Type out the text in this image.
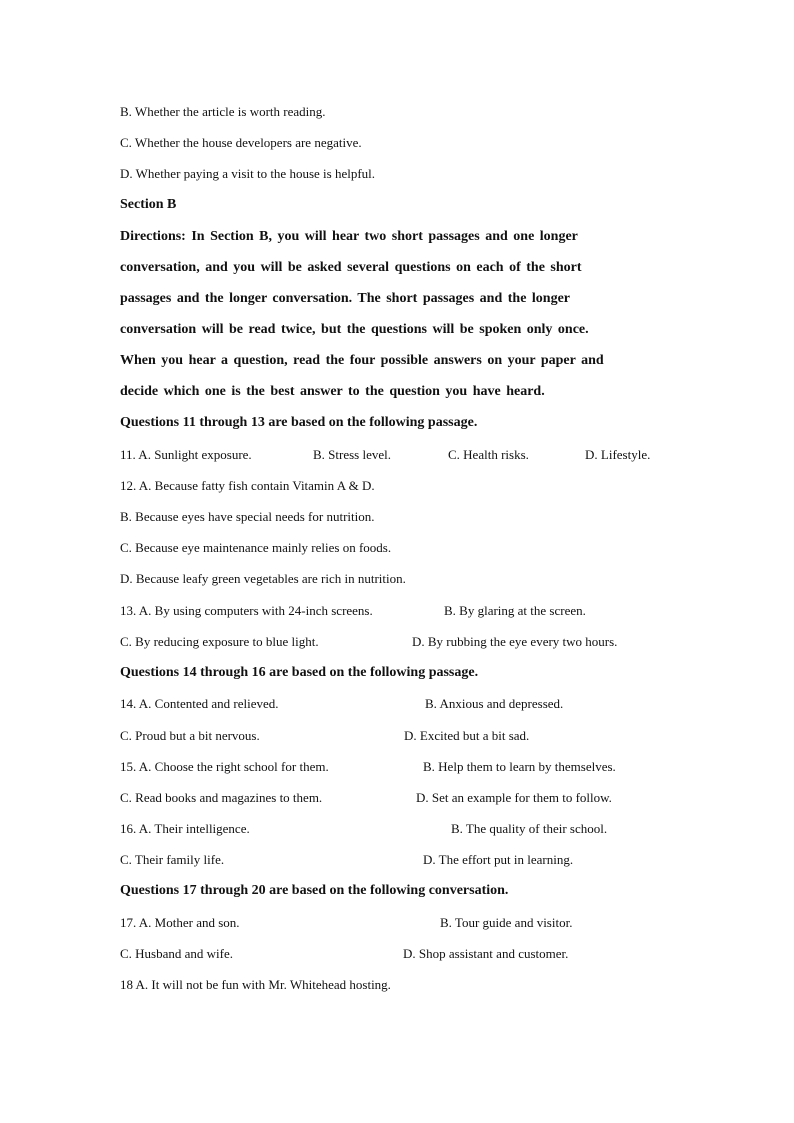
B. Whether the article is worth reading.
C. Whether the house developers are negative.
D. Whether paying a visit to the house is helpful.
Section B
Directions: In Section B, you will hear two short passages and one longer
conversation, and you will be asked several questions on each of the short
passages and the longer conversation. The short passages and the longer
conversation will be read twice, but the questions will be spoken only once.
When you hear a question, read the four possible answers on your paper and
decide which one is the best answer to the question you have heard.
Questions 11 through 13 are based on the following passage.
11. A. Sunlight exposure.	B. Stress level.	C. Health risks.	D. Lifestyle.
12. A. Because fatty fish contain Vitamin A & D.
B. Because eyes have special needs for nutrition.
C. Because eye maintenance mainly relies on foods.
D. Because leafy green vegetables are rich in nutrition.
13. A. By using computers with 24-inch screens.	B. By glaring at the screen.
C. By reducing exposure to blue light.	D. By rubbing the eye every two hours.
Questions 14 through 16 are based on the following passage.
14. A. Contented and relieved.	B. Anxious and depressed.
C. Proud but a bit nervous.	D. Excited but a bit sad.
15. A. Choose the right school for them.	B. Help them to learn by themselves.
C. Read books and magazines to them.	D. Set an example for them to follow.
16. A. Their intelligence.	B. The quality of their school.
C. Their family life.	D. The effort put in learning.
Questions 17 through 20 are based on the following conversation.
17. A. Mother and son.	B. Tour guide and visitor.
C. Husband and wife.	D. Shop assistant and customer.
18 A. It will not be fun with Mr. Whitehead hosting.
